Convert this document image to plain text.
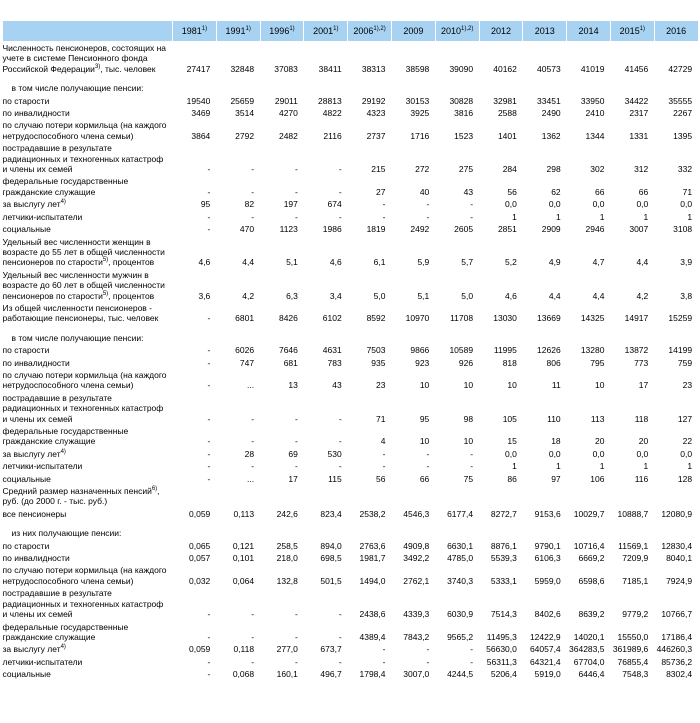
	1981$^{1)}$	1991$^{1)}$	1996$^{1)}$	2001$^{1)}$	$2006^{1),2)}$	2009	$2010^{1),2)}$	2012	2013	2014	2015$^{1)}$	2016
Численность пенсионеров, состоящих на учете в системе Пенсионного фонда Российской Федерации$^{3)}$, тыс. человек	27417	32848	37083	38411	38313	38598	39090	40162	40573	41019	41456	42729

в том числе получающие пенсии:												
по старости	19540	25659	29011	28813	29192	30153	30828	32981	33451	33950	34422	35555
по инвалидности	3469	3514	4270	4822	4323	3925	3816	2588	2490	2410	2317	2267
по случаю потери кормильца (на каждого нетрудоспособного члена семьи)	3864	2792	2482	2116	2737	1716	1523	1401	1362	1344	1331	1395
пострадавшие в результате радиационных и техногенных катастроф и члены их семей	-	-	-	-	215	272	275	284	298	302	312	332
федеральные государственные гражданские служащие	-	-	-	-	27	40	43	56	62	66	66	71
за выслугу лет$^{4)}$	95	82	197	674	-	-	-	0,0	0,0	0,0	0,0	0,0
летчики-испытатели	-	-	-	-	-	-	-	1	1	1	1	1
социальные	-	470	1123	1986	1819	2492	2605	2851	2909	2946	3007	3108
Удельный вес численности женщин в возрасте до 55 лет в общей численности пенсионеров по старости$^{5)}$, процентов	4,6	4,4	5,1	4,6	6,1	5,9	5,7	5,2	4,9	4,7	4,4	3,9
Удельный вес численности мужчин в возрасте до 60 лет в общей численности пенсионеров по старости$^{5)}$, процентов	3,6	4,2	6,3	3,4	5,0	5,1	5,0	4,6	4,4	4,4	4,2	3,8
Из общей численности пенсионеров - работающие пенсионеры, тыс. человек	-	6801	8426	6102	8592	10970	11708	13030	13669	14325	14917	15259

в том числе получающие пенсии:												
по старости	-	6026	7646	4631	7503	9866	10589	11995	12626	13280	13872	14199
по инвалидности	-	747	681	783	935	923	926	818	806	795	773	759
по случаю потери кормильца (на каждого нетрудоспособного члена семьи)	-	...	13	43	23	10	10	10	11	10	17	23
пострадавшие в результате радиационных и техногенных катастроф и члены их семей	-	-	-	-	71	95	98	105	110	113	118	127
федеральные государственные гражданские служащие	-	-	-	-	4	10	10	15	18	20	20	22
за выслугу лет$^{4)}$	-	28	69	530	-	-	-	0,0	0,0	0,0	0,0	0,0
летчики-испытатели	-	-	-	-	-	-	-	1	1	1	1	1
социальные	-	...	17	115	56	66	75	86	97	106	116	128
Средний размер назначенных пенсий$^{6)}$, руб. (до 2000 г. - тыс. руб.)												
все пенсионеры	0,059	0,113	242,6	823,4	2538,2	4546,3	6177,4	8272,7	9153,6	10029,7	10888,7	12080,9

из них получающие пенсии:												
по старости	0,065	0,121	258,5	894,0	2763,6	4909,8	6630,1	8876,1	9790,1	10716,4	11569,1	12830,4
по инвалидности	0,057	0,101	218,0	698,5	1981,7	3492,2	4785,0	5539,3	6106,3	6669,2	7209,9	8040,1
по случаю потери кормильца (на каждого нетрудоспособного члена семьи)	0,032	0,064	132,8	501,5	1494,0	2762,1	3740,3	5333,1	5959,0	6598,6	7185,1	7924,9
пострадавшие в результате радиационных и техногенных катастроф и члены их семей	-	-	-	-	2438,6	4339,3	6030,9	7514,3	8402,6	8639,2	9779,2	10766,7
федеральные государственные гражданские служащие	-	-	-	-	4389,4	7843,2	9565,2	11495,3	12422,9	14020,1	15550,0	17186,4
за выслугу лет$^{4)}$	0,059	0,118	277,0	673,7	-	-	-	56630,0	64057,4	364283,5	361989,6	446260,3
летчики-испытатели	-	-	-	-	-	-	-	56311,3	64321,4	67704,0	76855,4	85736,2
социальные	-	0,068	160,1	496,7	1798,4	3007,0	4244,5	5206,4	5919,0	6446,4	7548,3	8302,4
